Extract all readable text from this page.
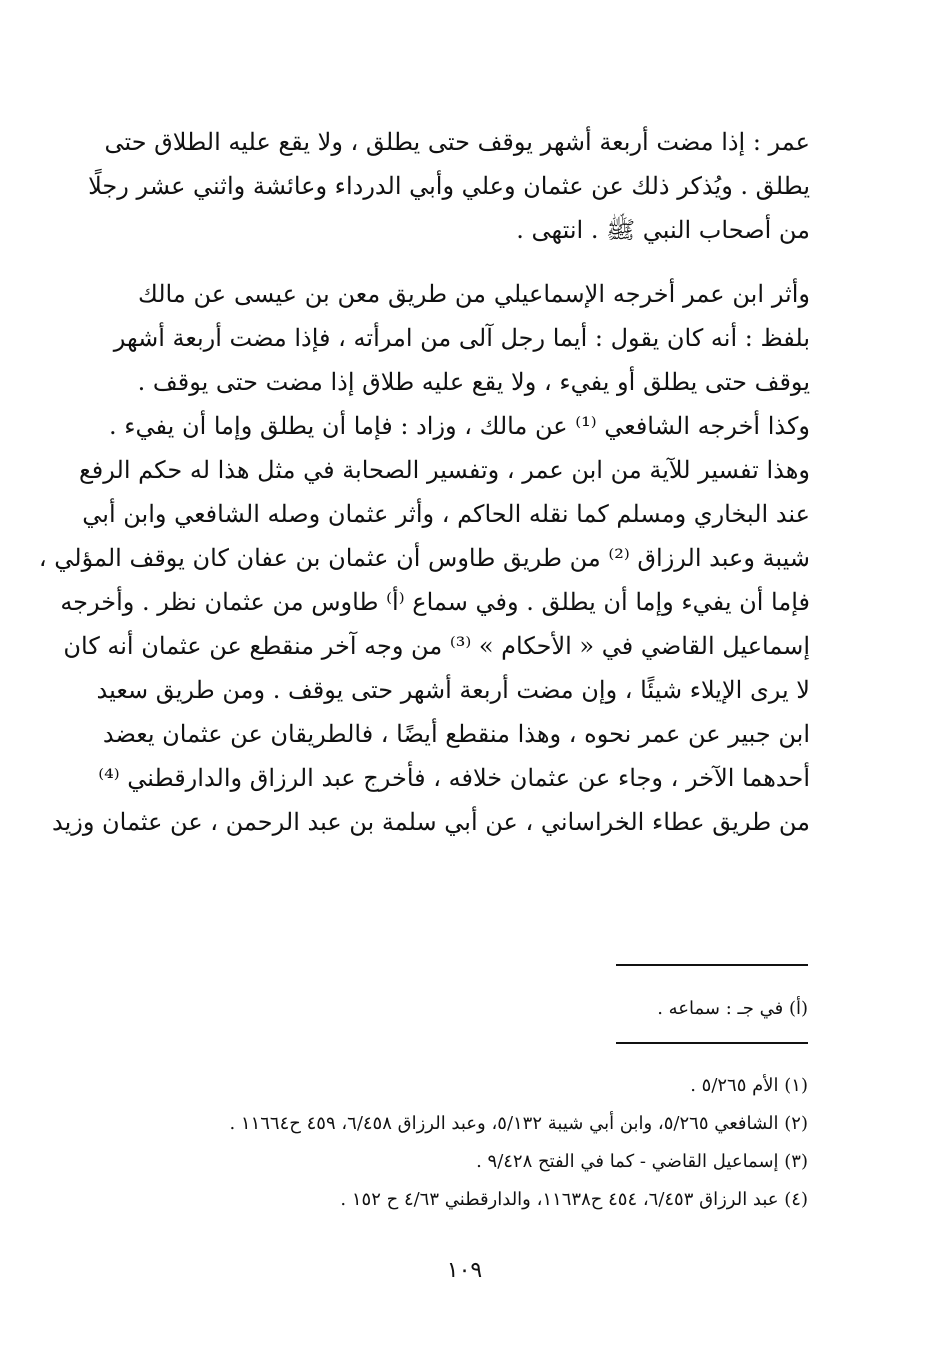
عمر : إذا مضت أربعة أشهر يوقف حتى يطلق ، ولا يقع عليه الطلاق حتى
يطلق . ويُذكر ذلك عن عثمان وعلي وأبي الدرداء وعائشة واثني عشر رجلًا
من أصحاب النبي ﷺ . انتهى .

وأثر ابن عمر أخرجه الإسماعيلي من طريق معن بن عيسى عن مالك
بلفظ : أنه كان يقول : أيما رجل آلى من امرأته ، فإذا مضت أربعة أشهر
يوقف حتى يطلق أو يفيء ، ولا يقع عليه طلاق إذا مضت حتى يوقف .
وكذا أخرجه الشافعي ⁽¹⁾ عن مالك ، وزاد : فإما أن يطلق وإما أن يفيء .
وهذا تفسير للآية من ابن عمر ، وتفسير الصحابة في مثل هذا له حكم الرفع
عند البخاري ومسلم كما نقله الحاكم ، وأثر عثمان وصله الشافعي وابن أبي
شيبة وعبد الرزاق ⁽²⁾ من طريق طاوس أن عثمان بن عفان كان يوقف المؤلي ،
فإما أن يفيء وإما أن يطلق . وفي سماع ⁽أ⁾ طاوس من عثمان نظر . وأخرجه
إسماعيل القاضي في « الأحكام » ⁽³⁾ من وجه آخر منقطع عن عثمان أنه كان
لا يرى الإيلاء شيئًا ، وإن مضت أربعة أشهر حتى يوقف . ومن طريق سعيد
ابن جبير عن عمر نحوه ، وهذا منقطع أيضًا ، فالطريقان عن عثمان يعضد
أحدهما الآخر ، وجاء عن عثمان خلافه ، فأخرج عبد الرزاق والدارقطني ⁽⁴⁾
من طريق عطاء الخراساني ، عن أبي سلمة بن عبد الرحمن ، عن عثمان وزيد

(أ) في جـ : سماعه .
(١) الأم ٥/٢٦٥ .
(٢) الشافعي ٥/٢٦٥، وابن أبي شيبة ٥/١٣٢، وعبد الرزاق ٦/٤٥٨، ٤٥٩ ح١١٦٦٤ .
(٣) إسماعيل القاضي - كما في الفتح ٩/٤٢٨ .
(٤) عبد الرزاق ٦/٤٥٣، ٤٥٤ ح١١٦٣٨، والدارقطني ٤/٦٣ ح ١٥٢ .
١٠٩
